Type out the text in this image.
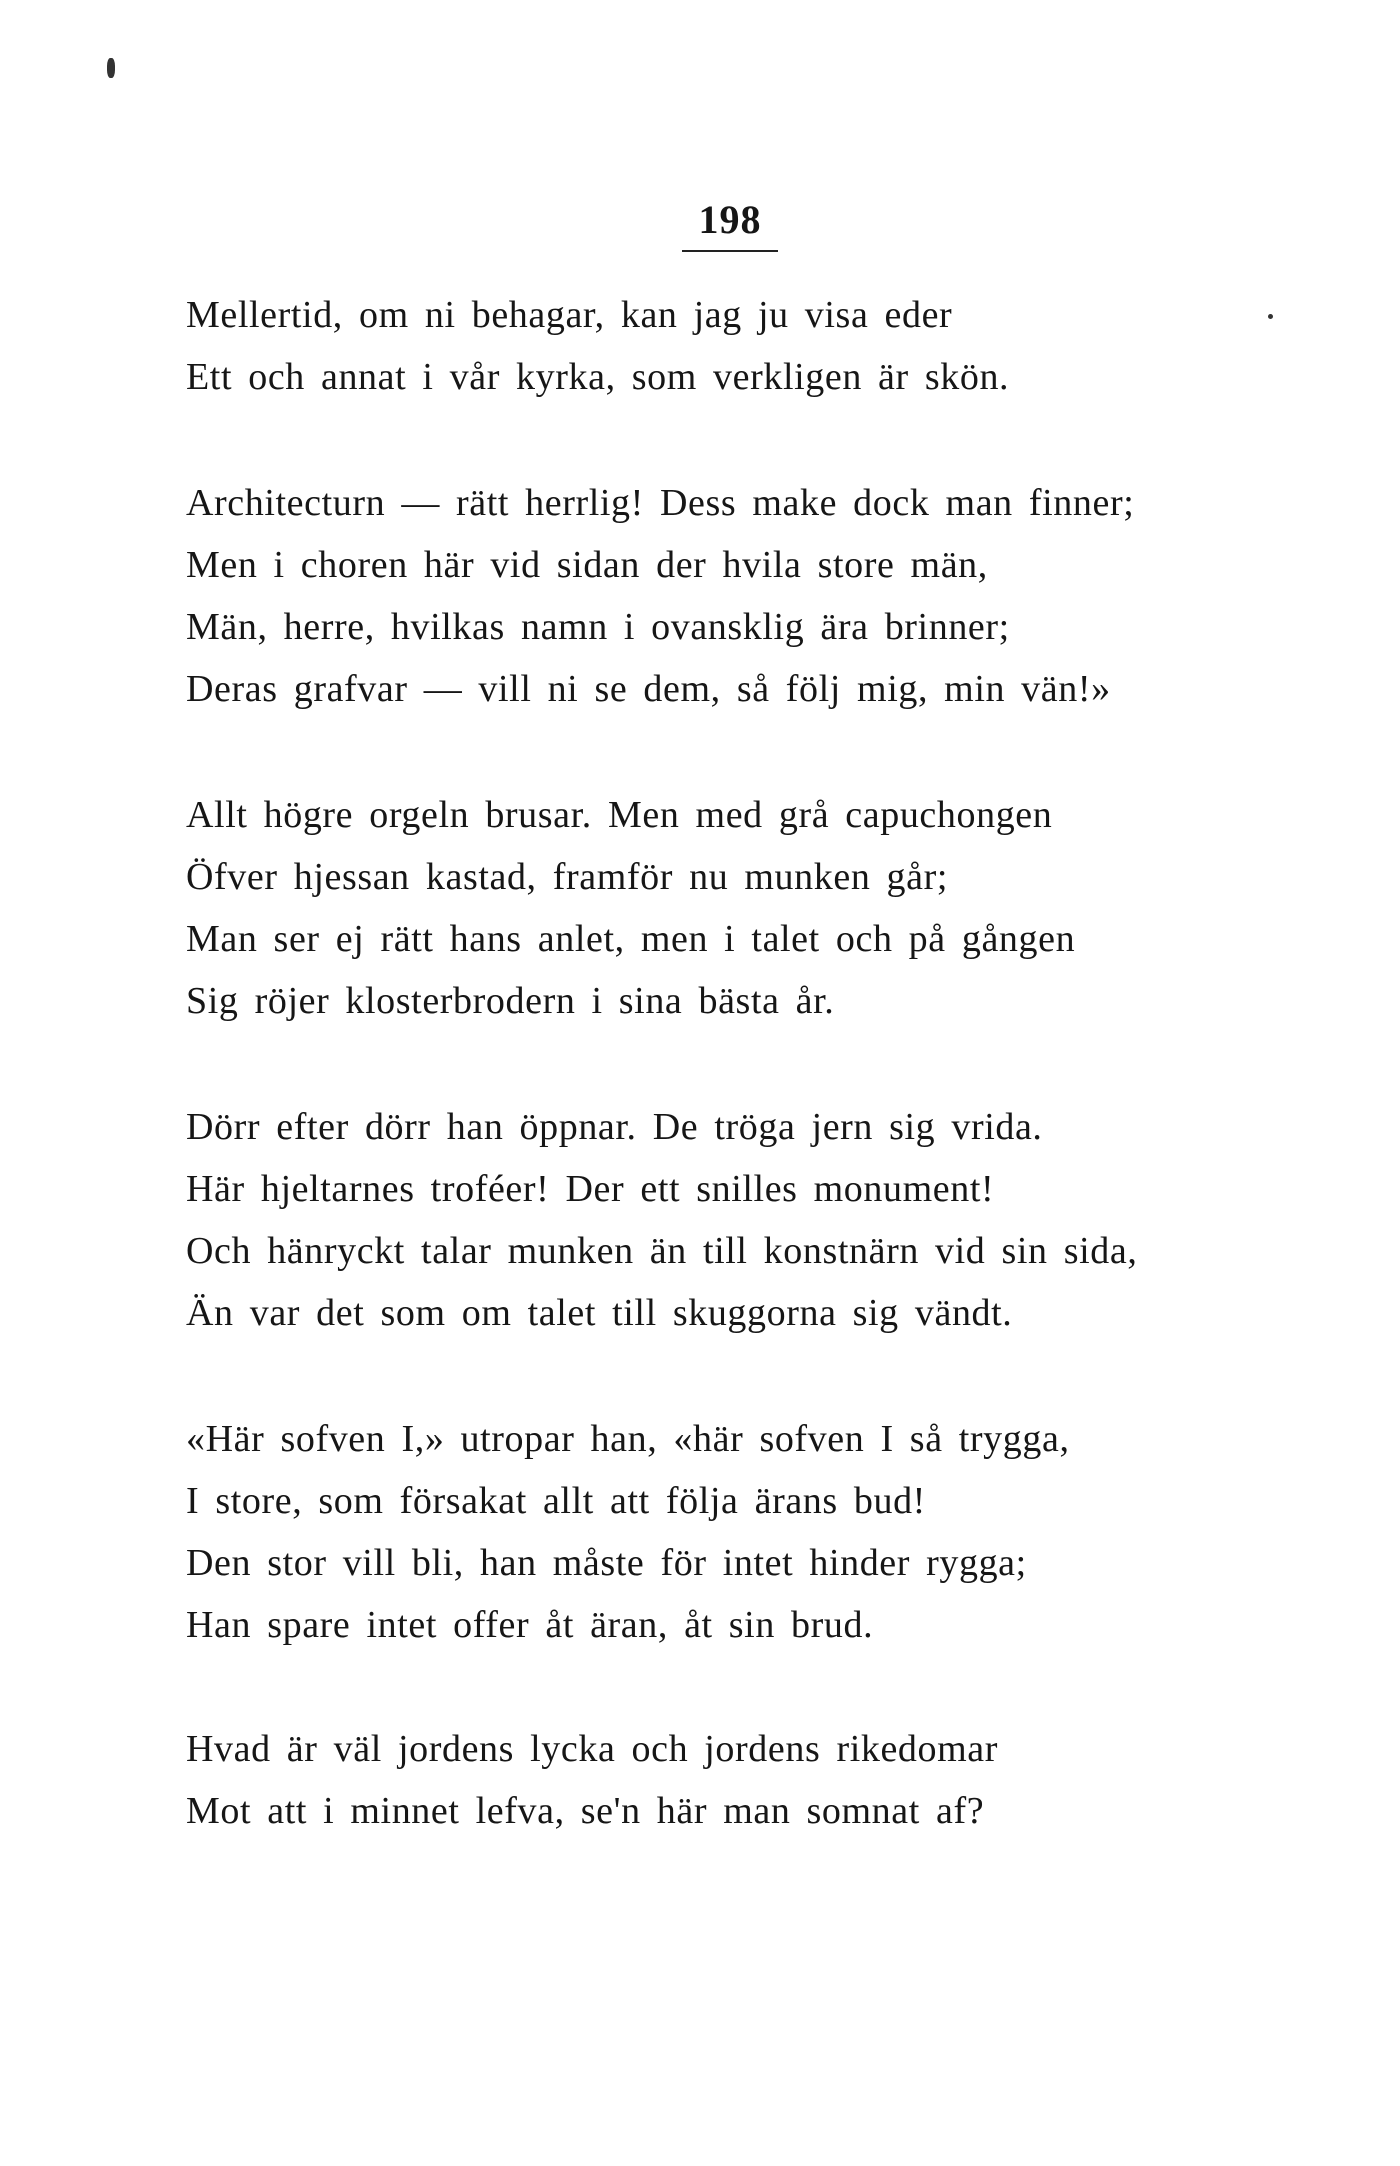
198
Mellertid, om ni behagar, kan jag ju visa eder
Ett och annat i vår kyrka, som verkligen är skön.
Architecturn — rätt herrlig! Dess make dock man finner;
Men i choren här vid sidan der hvila store män,
Män, herre, hvilkas namn i ovansklig ära brinner;
Deras grafvar — vill ni se dem, så följ mig, min vän!»
Allt högre orgeln brusar. Men med grå capuchongen
Öfver hjessan kastad, framför nu munken går;
Man ser ej rätt hans anlet, men i talet och på gången
Sig röjer klosterbrodern i sina bästa år.
Dörr efter dörr han öppnar. De tröga jern sig vrida.
Här hjeltarnes troféer! Der ett snilles monument!
Och hänryckt talar munken än till konstnärn vid sin sida,
Än var det som om talet till skuggorna sig vändt.
«Här sofven I,» utropar han, «här sofven I så trygga,
I store, som försakat allt att följa ärans bud!
Den stor vill bli, han måste för intet hinder rygga;
Han spare intet offer åt äran, åt sin brud.
Hvad är väl jordens lycka och jordens rikedomar
Mot att i minnet lefva, se'n här man somnat af?
